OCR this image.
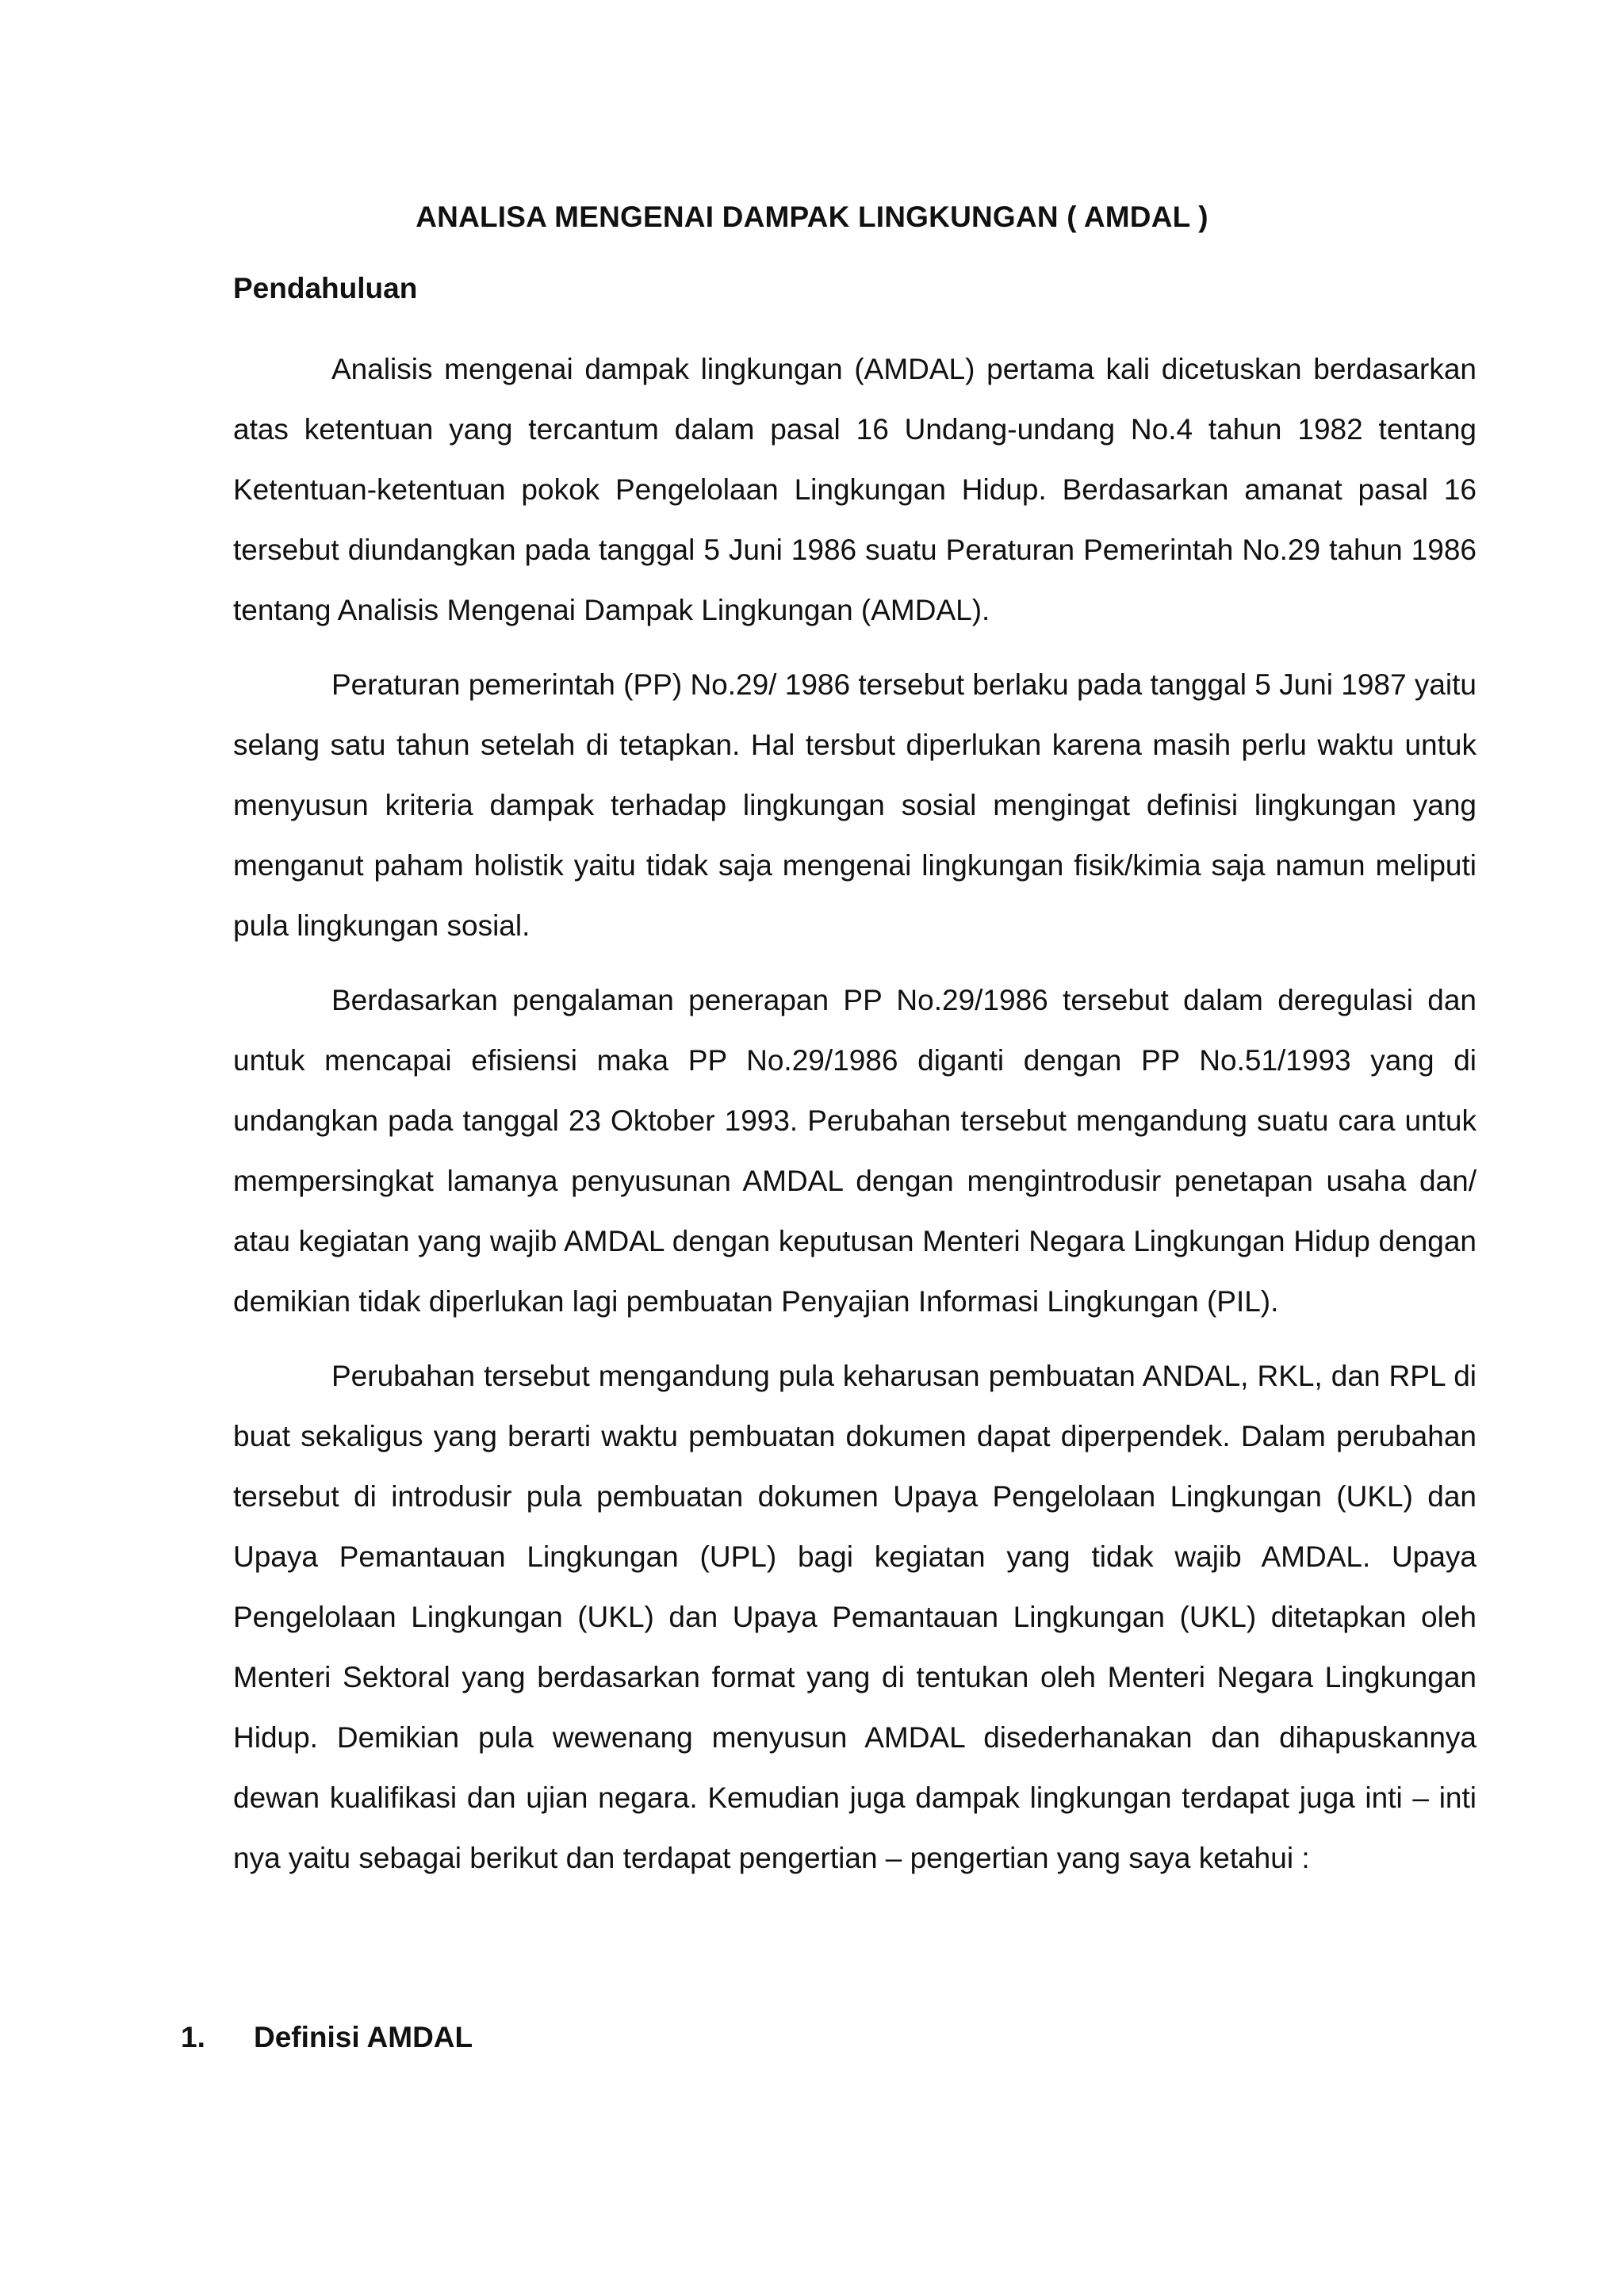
ANALISA MENGENAI DAMPAK LINGKUNGAN ( AMDAL )
Pendahuluan

Analisis mengenai dampak lingkungan (AMDAL) pertama kali dicetuskan berdasarkan atas ketentuan yang tercantum dalam pasal 16 Undang-undang No.4 tahun 1982 tentang Ketentuan-ketentuan pokok Pengelolaan Lingkungan Hidup. Berdasarkan amanat pasal 16 tersebut diundangkan pada tanggal 5 Juni 1986 suatu Peraturan Pemerintah No.29 tahun 1986 tentang Analisis Mengenai Dampak Lingkungan (AMDAL).

Peraturan pemerintah (PP) No.29/ 1986 tersebut berlaku pada tanggal 5 Juni 1987 yaitu selang satu tahun setelah di tetapkan. Hal tersbut diperlukan karena masih perlu waktu untuk menyusun kriteria dampak terhadap lingkungan sosial mengingat definisi lingkungan yang menganut paham holistik yaitu tidak saja mengenai lingkungan fisik/kimia saja namun meliputi pula lingkungan sosial.

Berdasarkan pengalaman penerapan PP No.29/1986 tersebut dalam deregulasi dan untuk mencapai efisiensi maka PP No.29/1986 diganti dengan PP No.51/1993 yang di undangkan pada tanggal 23 Oktober 1993. Perubahan tersebut mengandung suatu cara untuk mempersingkat lamanya penyusunan AMDAL dengan mengintrodusir penetapan usaha dan/ atau kegiatan yang wajib AMDAL dengan keputusan Menteri Negara Lingkungan Hidup dengan demikian tidak diperlukan lagi pembuatan Penyajian Informasi Lingkungan (PIL).

Perubahan tersebut mengandung pula keharusan pembuatan ANDAL, RKL, dan RPL di buat sekaligus yang berarti waktu pembuatan dokumen dapat diperpendek. Dalam perubahan tersebut di introdusir pula pembuatan dokumen Upaya Pengelolaan Lingkungan (UKL) dan Upaya Pemantauan Lingkungan (UPL) bagi kegiatan yang tidak wajib AMDAL. Upaya Pengelolaan Lingkungan (UKL) dan Upaya Pemantauan Lingkungan (UKL) ditetapkan oleh Menteri Sektoral yang berdasarkan format yang di tentukan oleh Menteri Negara Lingkungan Hidup. Demikian pula wewenang menyusun AMDAL disederhanakan dan dihapuskannya dewan kualifikasi dan ujian negara. Kemudian juga dampak lingkungan terdapat juga inti – inti nya yaitu sebagai berikut dan terdapat pengertian – pengertian yang saya ketahui :

1.	Definisi AMDAL
